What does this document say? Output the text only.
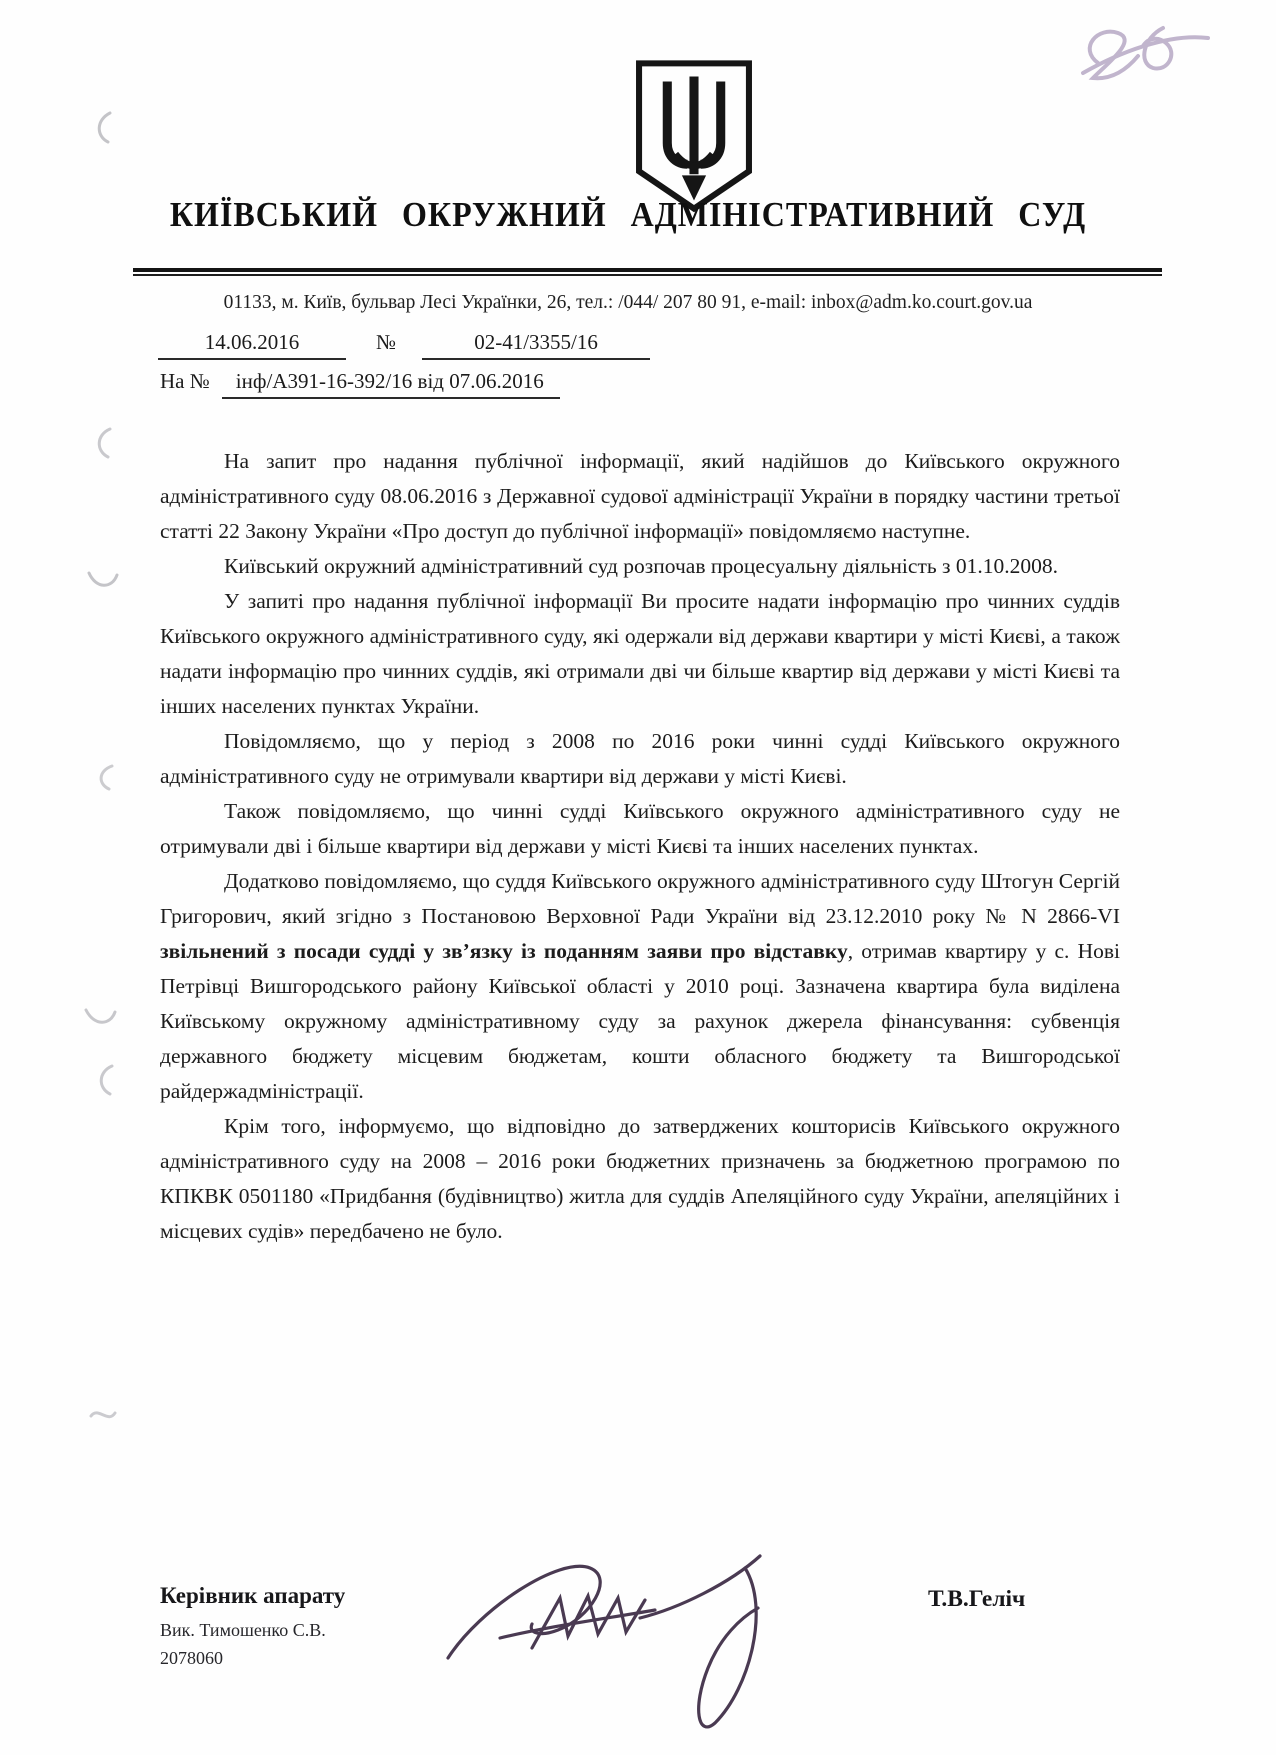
КИЇВСЬКИЙ ОКРУЖНИЙ АДМІНІСТРАТИВНИЙ СУД
01133, м. Київ, бульвар Лесі Українки, 26, тел.: /044/ 207 80 91, e-mail: inbox@adm.ko.court.gov.ua
14.06.2016	№	02-41/3355/16
На № інф/А391-16-392/16 від 07.06.2016

На запит про надання публічної інформації, який надійшов до Київського окружного адміністративного суду 08.06.2016 з Державної судової адміністрації України в порядку частини третьої статті 22 Закону України «Про доступ до публічної інформації» повідомляємо наступне.

Київський окружний адміністративний суд розпочав процесуальну діяльність з 01.10.2008.

У запиті про надання публічної інформації Ви просите надати інформацію про чинних суддів Київського окружного адміністративного суду, які одержали від держави квартири у місті Києві, а також надати інформацію про чинних суддів, які отримали дві чи більше квартир від держави у місті Києві та інших населених пунктах України.

Повідомляємо, що у період з 2008 по 2016 роки чинні судді Київського окружного адміністративного суду не отримували квартири від держави у місті Києві.

Також повідомляємо, що чинні судді Київського окружного адміністративного суду не отримували дві і більше квартири від держави у місті Києві та інших населених пунктах.

Додатково повідомляємо, що суддя Київського окружного адміністративного суду Штогун Сергій Григорович, який згідно з Постановою Верховної Ради України від 23.12.2010 року № N 2866-VI звільнений з посади судді у зв’язку із поданням заяви про відставку, отримав квартиру у с. Нові Петрівці Вишгородського району Київської області у 2010 році. Зазначена квартира була виділена Київському окружному адміністративному суду за рахунок джерела фінансування: субвенція державного бюджету місцевим бюджетам, кошти обласного бюджету та Вишгородської райдержадміністрації.

Крім того, інформуємо, що відповідно до затверджених кошторисів Київського окружного адміністративного суду на 2008 – 2016 роки бюджетних призначень за бюджетною програмою по КПКВК 0501180 «Придбання (будівництво) житла для суддів Апеляційного суду України, апеляційних і місцевих судів» передбачено не було.

Керівник апарату
Вик. Тимошенко С.В.
2078060
Т.В.Геліч
